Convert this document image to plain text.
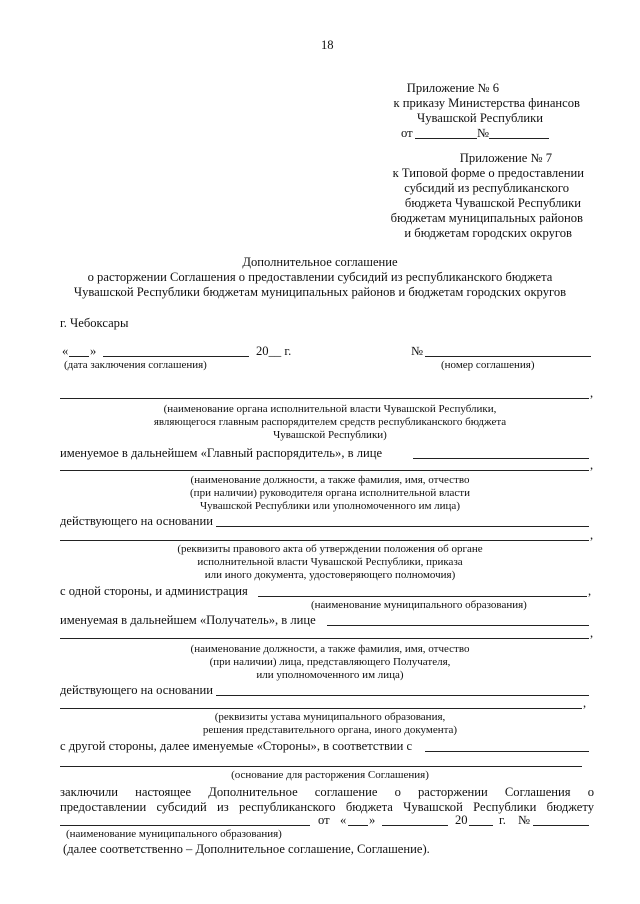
18
Приложение № 6
к приказу Министерства финансов
Чувашской Республики
от	№
Приложение № 7
к Типовой форме о предоставлении
субсидий из республиканского
бюджета Чувашской Республики
бюджетам муниципальных районов
и бюджетам городских округов
Дополнительное соглашение
о расторжении Соглашения о предоставлении субсидий из республиканского бюджета
Чувашской Республики бюджетам муниципальных районов и бюджетам городских округов
г. Чебоксары
« »	20__ г.	№
(дата заключения соглашения)	(номер соглашения)
,
(наименование органа исполнительной власти Чувашской Республики,
являющегося главным распорядителем средств республиканского бюджета
Чувашской Республики)
именуемое в дальнейшем «Главный распорядитель», в лице
,
(наименование должности, а также фамилия, имя, отчество
(при наличии) руководителя органа исполнительной власти
Чувашской Республики или уполномоченного им лица)
действующего на основании
,
(реквизиты правового акта об утверждении положения об органе
исполнительной власти Чувашской Республики, приказа
или иного документа, удостоверяющего полномочия)
с одной стороны, и администрация	,
(наименование муниципального образования)
именуемая в дальнейшем «Получатель», в лице
,
(наименование должности, а также фамилия, имя, отчество
(при наличии) лица, представляющего Получателя,
или уполномоченного им лица)
действующего на основании
,
(реквизиты устава муниципального образования,
решения представительного органа, иного документа)
с другой стороны, далее именуемые «Стороны», в соответствии с
(основание для расторжения Соглашения)
заключили настоящее Дополнительное соглашение о расторжении Соглашения о
предоставлении субсидий из республиканского бюджета Чувашской Республики бюджету
от « »	20 г. №
(наименование муниципального образования)
(далее соответственно – Дополнительное соглашение, Соглашение).
